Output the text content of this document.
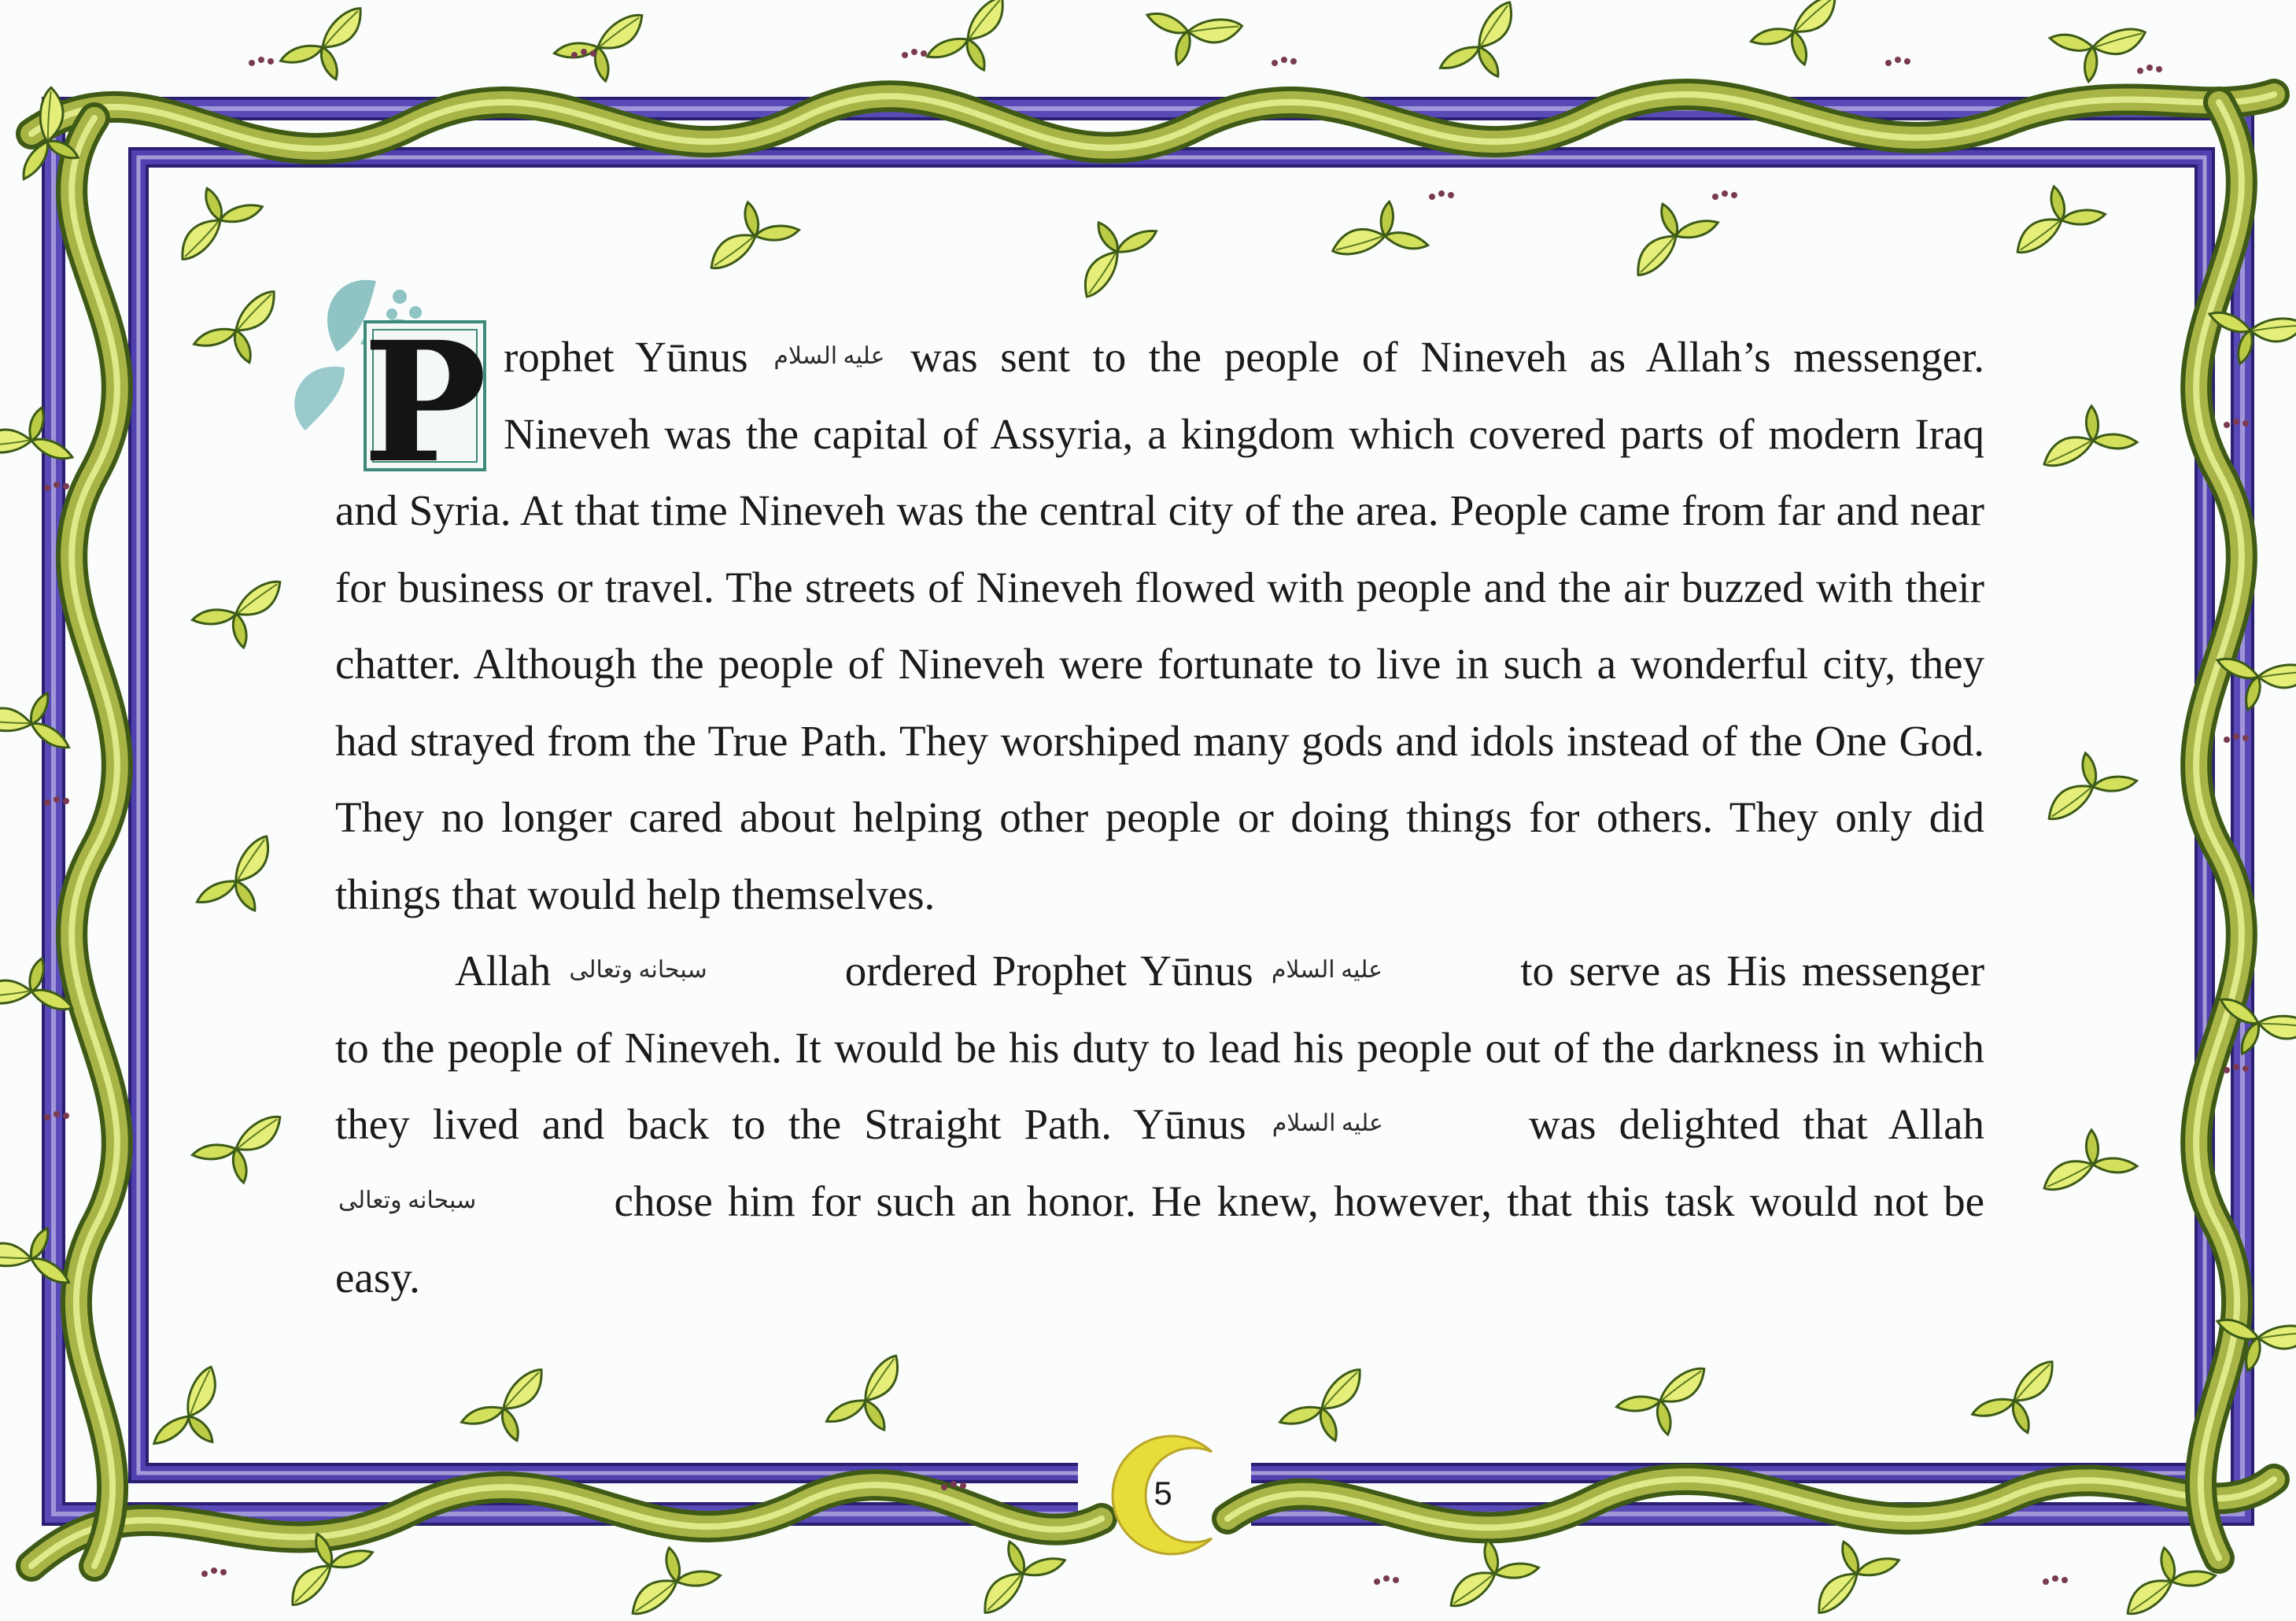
P rophet Yūnus عليه السلام was sent to the people of Nineveh as Allah’s messenger. Nineveh was the capital of Assyria, a kingdom which covered parts of modern Iraq and Syria. At that time Nineveh was the central city of the area. People came from far and near for business or travel. The streets of Nineveh flowed with people and the air buzzed with their chatter. Although the people of Nineveh were fortunate to live in such a wonderful city, they had strayed from the True Path. They worshiped many gods and idols instead of the One God. They no longer cared about helping other people or doing things for others. They only did things that would help themselves.

Allah سبحانه وتعالى	ordered Prophet Yūnus عليه السلام	to serve as His messenger to the people of Nineveh. It would be his duty to lead his people out of the darkness in which they lived and back to the Straight Path. Yūnus عليه السلام	was delighted that Allah سبحانه وتعالى	chose him for such an honor. He knew, however, that this task would not be easy.

5
